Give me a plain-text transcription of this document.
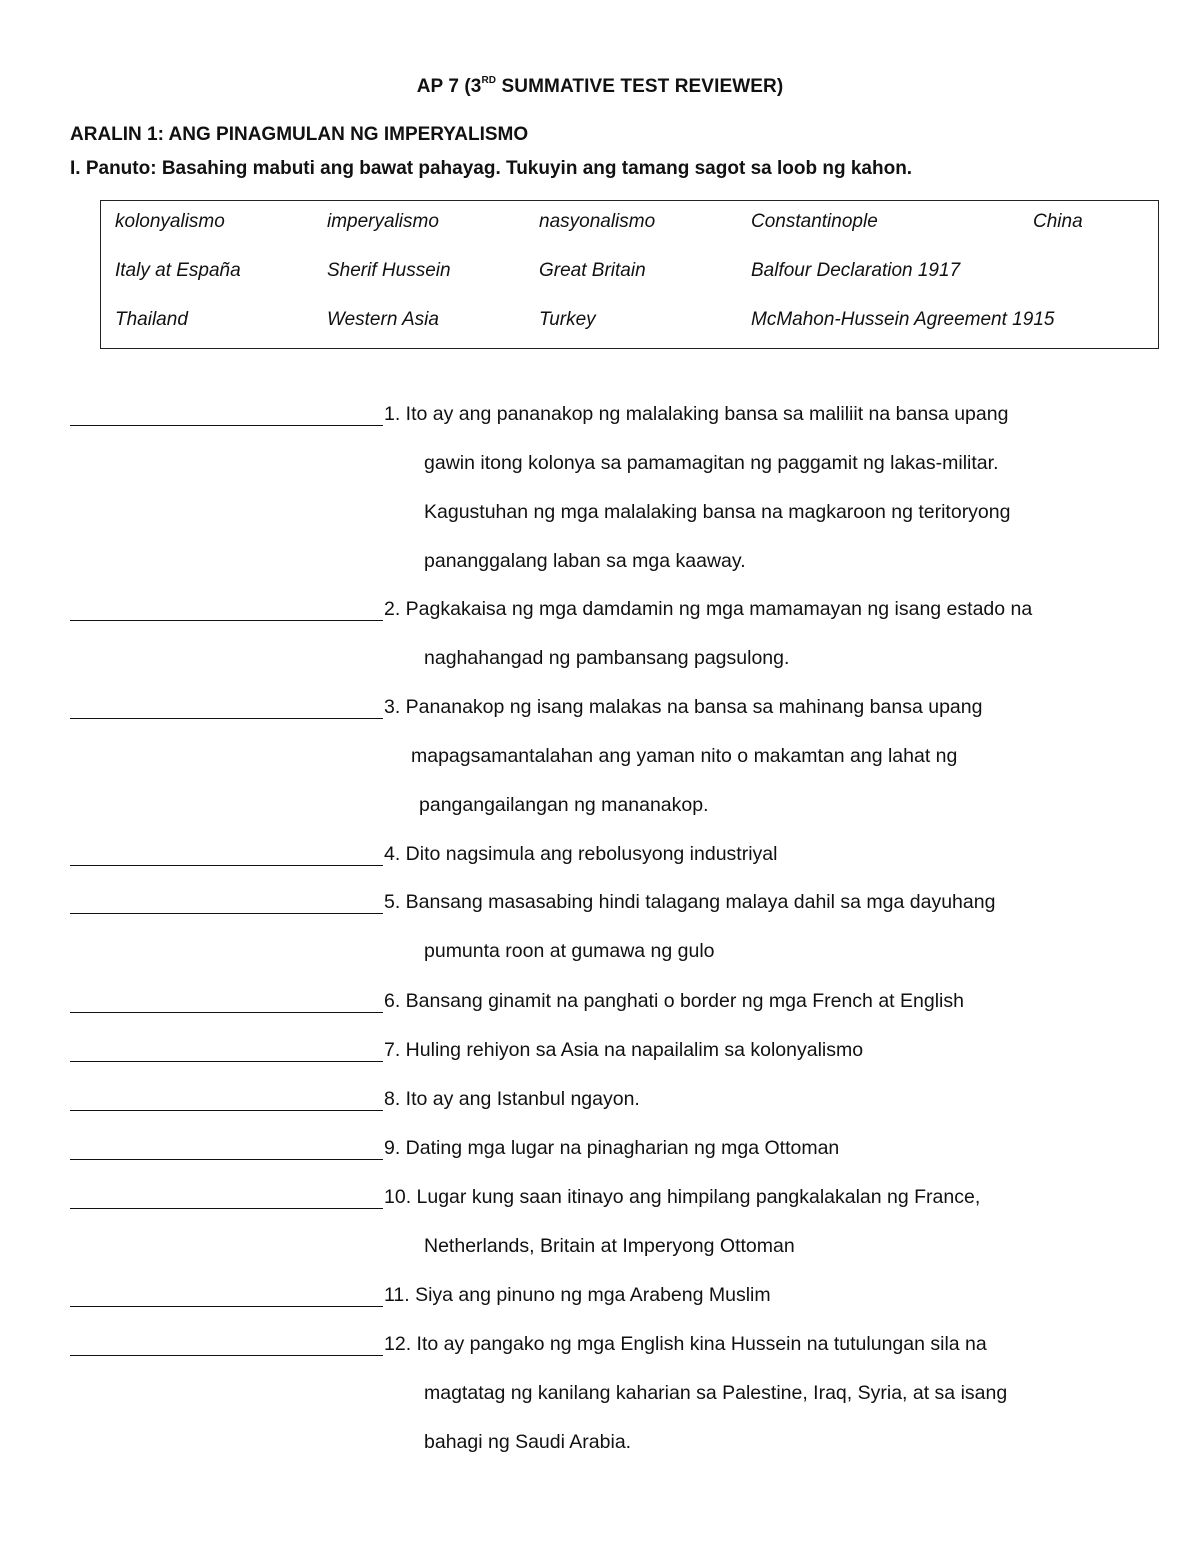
AP 7 (3RD SUMMATIVE TEST REVIEWER)
ARALIN 1: ANG PINAGMULAN NG IMPERYALISMO
I. Panuto: Basahing mabuti ang bawat pahayag. Tukuyin ang tamang sagot sa loob ng kahon.
kolonyalismo	imperyalismo	nasyonalismo	Constantinople	China
Italy at España	Sherif Hussein	Great Britain	Balfour Declaration 1917
Thailand	Western Asia	Turkey	McMahon-Hussein Agreement 1915
1. Ito ay ang pananakop ng malalaking bansa sa maliliit na bansa upang
gawin itong kolonya sa pamamagitan ng paggamit ng lakas-militar.
Kagustuhan ng mga malalaking bansa na magkaroon ng teritoryong
pananggalang laban sa mga kaaway.
2. Pagkakaisa ng mga damdamin ng mga mamamayan ng isang estado na
naghahangad ng pambansang pagsulong.
3. Pananakop ng isang malakas na bansa sa mahinang bansa upang
mapagsamantalahan ang yaman nito o makamtan ang lahat ng
pangangailangan ng mananakop.
4. Dito nagsimula ang rebolusyong industriyal
5. Bansang masasabing hindi talagang malaya dahil sa mga dayuhang
pumunta roon at gumawa ng gulo
6. Bansang ginamit na panghati o border ng mga French at English
7. Huling rehiyon sa Asia na napailalim sa kolonyalismo
8. Ito ay ang Istanbul ngayon.
9. Dating mga lugar na pinagharian ng mga Ottoman
10. Lugar kung saan itinayo ang himpilang pangkalakalan ng France,
Netherlands, Britain at Imperyong Ottoman
11. Siya ang pinuno ng mga Arabeng Muslim
12. Ito ay pangako ng mga English kina Hussein na tutulungan sila na
magtatag ng kanilang kaharian sa Palestine, Iraq, Syria, at sa isang
bahagi ng Saudi Arabia.
